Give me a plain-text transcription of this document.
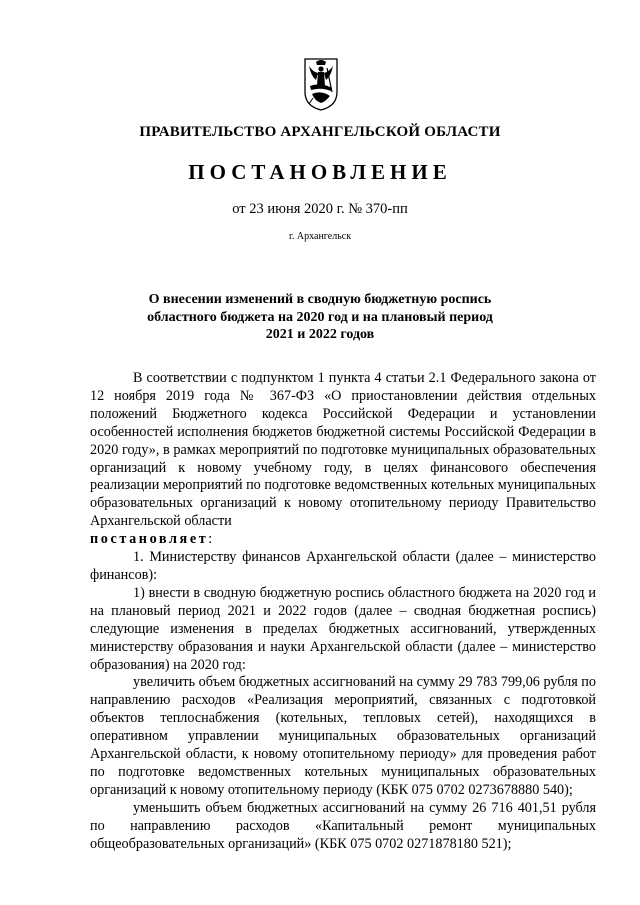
ПРАВИТЕЛЬСТВО АРХАНГЕЛЬСКОЙ ОБЛАСТИ
ПОСТАНОВЛЕНИЕ
от 23 июня 2020 г. № 370-пп
г. Архангельск
О внесении изменений в сводную бюджетную роспись
областного бюджета на 2020 год и на плановый период
2021 и 2022 годов

В соответствии с подпунктом 1 пункта 4 статьи 2.1 Федерального закона от 12 ноября 2019 года № 367-ФЗ «О приостановлении действия отдельных положений Бюджетного кодекса Российской Федерации и установлении особенностей исполнения бюджетов бюджетной системы Российской Федерации в 2020 году», в рамках мероприятий по подготовке муниципальных образовательных организаций к новому учебному году, в целях финансового обеспечения реализации мероприятий по подготовке ведомственных котельных муниципальных образовательных организаций к новому отопительному периоду Правительство Архангельской области
постановляет:

1. Министерству финансов Архангельской области (далее – министерство финансов):

1) внести в сводную бюджетную роспись областного бюджета на 2020 год и на плановый период 2021 и 2022 годов (далее – сводная бюджетная роспись) следующие изменения в пределах бюджетных ассигнований, утвержденных министерству образования и науки Архангельской области (далее – министерство образования) на 2020 год:

увеличить объем бюджетных ассигнований на сумму 29 783 799,06 рубля по направлению расходов «Реализация мероприятий, связанных с подготовкой объектов теплоснабжения (котельных, тепловых сетей), находящихся в оперативном управлении муниципальных образовательных организаций Архангельской области, к новому отопительному периоду» для проведения работ по подготовке ведомственных котельных муниципальных образовательных организаций к новому отопительному периоду (КБК 075 0702 0273678880 540);

уменьшить объем бюджетных ассигнований на сумму 26 716 401,51 рубля по направлению расходов «Капитальный ремонт муниципальных общеобразовательных организаций» (КБК 075 0702 0271878180 521);
